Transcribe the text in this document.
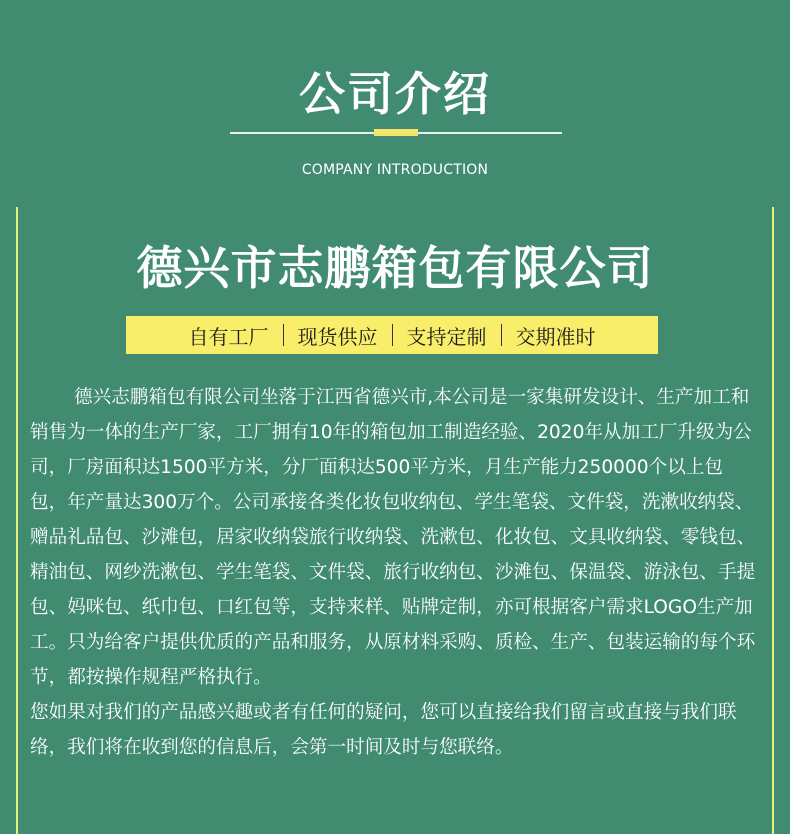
公司介绍
COMPANY INTRODUCTION
德兴市志鹏箱包有限公司
自有工厂	现货供应	支持定制	交期准时

德兴志鹏箱包有限公司坐落于江西省德兴市,本公司是一家集研发设计、生产加工和销售为一体的生产厂家，工厂拥有10年的箱包加工制造经验、2020年从加工厂升级为公司，厂房面积达1500平方米，分厂面积达500平方米，月生产能力250000个以上包包，年产量达300万个。公司承接各类化妆包收纳包、学生笔袋、文件袋，洗漱收纳袋、赠品礼品包、沙滩包，居家收纳袋旅行收纳袋、洗漱包、化妆包、文具收纳袋、零钱包、精油包、网纱洗漱包、学生笔袋、文件袋、旅行收纳包、沙滩包、保温袋、游泳包、手提包、妈咪包、纸巾包、口红包等，支持来样、贴牌定制，亦可根据客户需求LOGO生产加工。只为给客户提供优质的产品和服务，从原材料采购、质检、生产、包装运输的每个环节，都按操作规程严格执行。

您如果对我们的产品感兴趣或者有任何的疑问，您可以直接给我们留言或直接与我们联络，我们将在收到您的信息后，会第一时间及时与您联络。
